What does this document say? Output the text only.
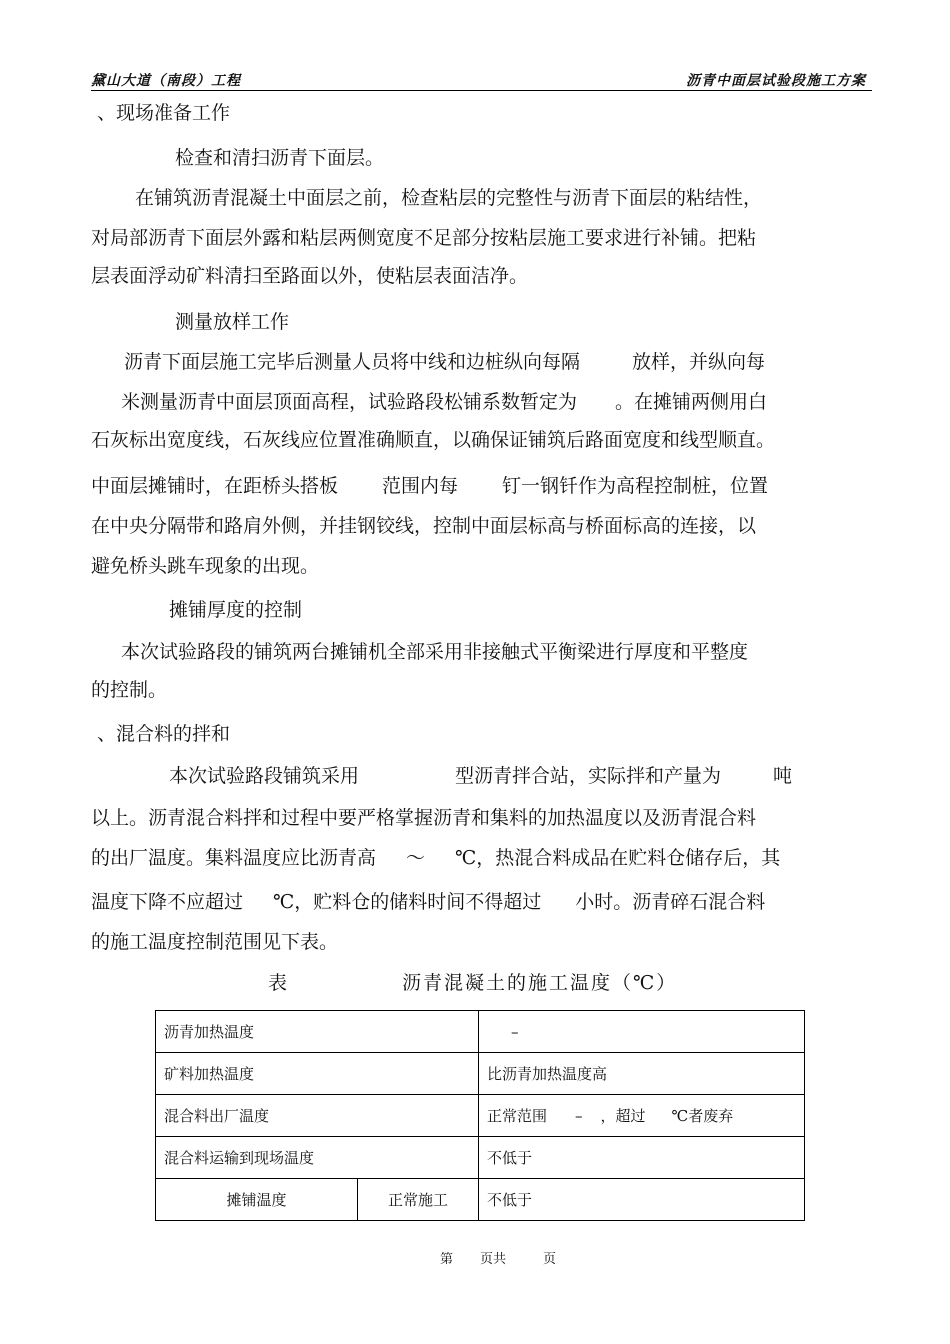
黛山大道（南段）工程	沥青中面层试验段施工方案
、现场准备工作
检查和清扫沥青下面层。
在铺筑沥青混凝土中面层之前，检查粘层的完整性与沥青下面层的粘结性，
对局部沥青下面层外露和粘层两侧宽度不足部分按粘层施工要求进行补铺。把粘
层表面浮动矿料清扫至路面以外，使粘层表面洁净。
测量放样工作
沥青下面层施工完毕后测量人员将中线和边桩纵向每隔	放样，并纵向每
米测量沥青中面层顶面高程，试验路段松铺系数暂定为 。在摊铺两侧用白
石灰标出宽度线，石灰线应位置准确顺直，以确保证铺筑后路面宽度和线型顺直。
中面层摊铺时，在距桥头搭板 范围内每 钉一钢钎作为高程控制桩，位置
在中央分隔带和路肩外侧，并挂钢铰线，控制中面层标高与桥面标高的连接，以
避免桥头跳车现象的出现。
摊铺厚度的控制
本次试验路段的铺筑两台摊铺机全部采用非接触式平衡梁进行厚度和平整度
的控制。
、混合料的拌和
本次试验路段铺筑采用	型沥青拌合站，实际拌和产量为	吨
以上。沥青混合料拌和过程中要严格掌握沥青和集料的加热温度以及沥青混合料
的出厂温度。集料温度应比沥青高 ～ ℃，热混合料成品在贮料仓储存后，其
温度下降不应超过 ℃，贮料仓的储料时间不得超过 小时。沥青碎石混合料
的施工温度控制范围见下表。
表	沥青混凝土的施工温度（℃）
沥青加热温度		–
矿料加热温度		比沥青加热温度高
混合料出厂温度		正常范围 – ，超过 ℃者废弃
混合料运输到现场温度		不低于
摊铺温度	正常施工	不低于
第 页共	页
